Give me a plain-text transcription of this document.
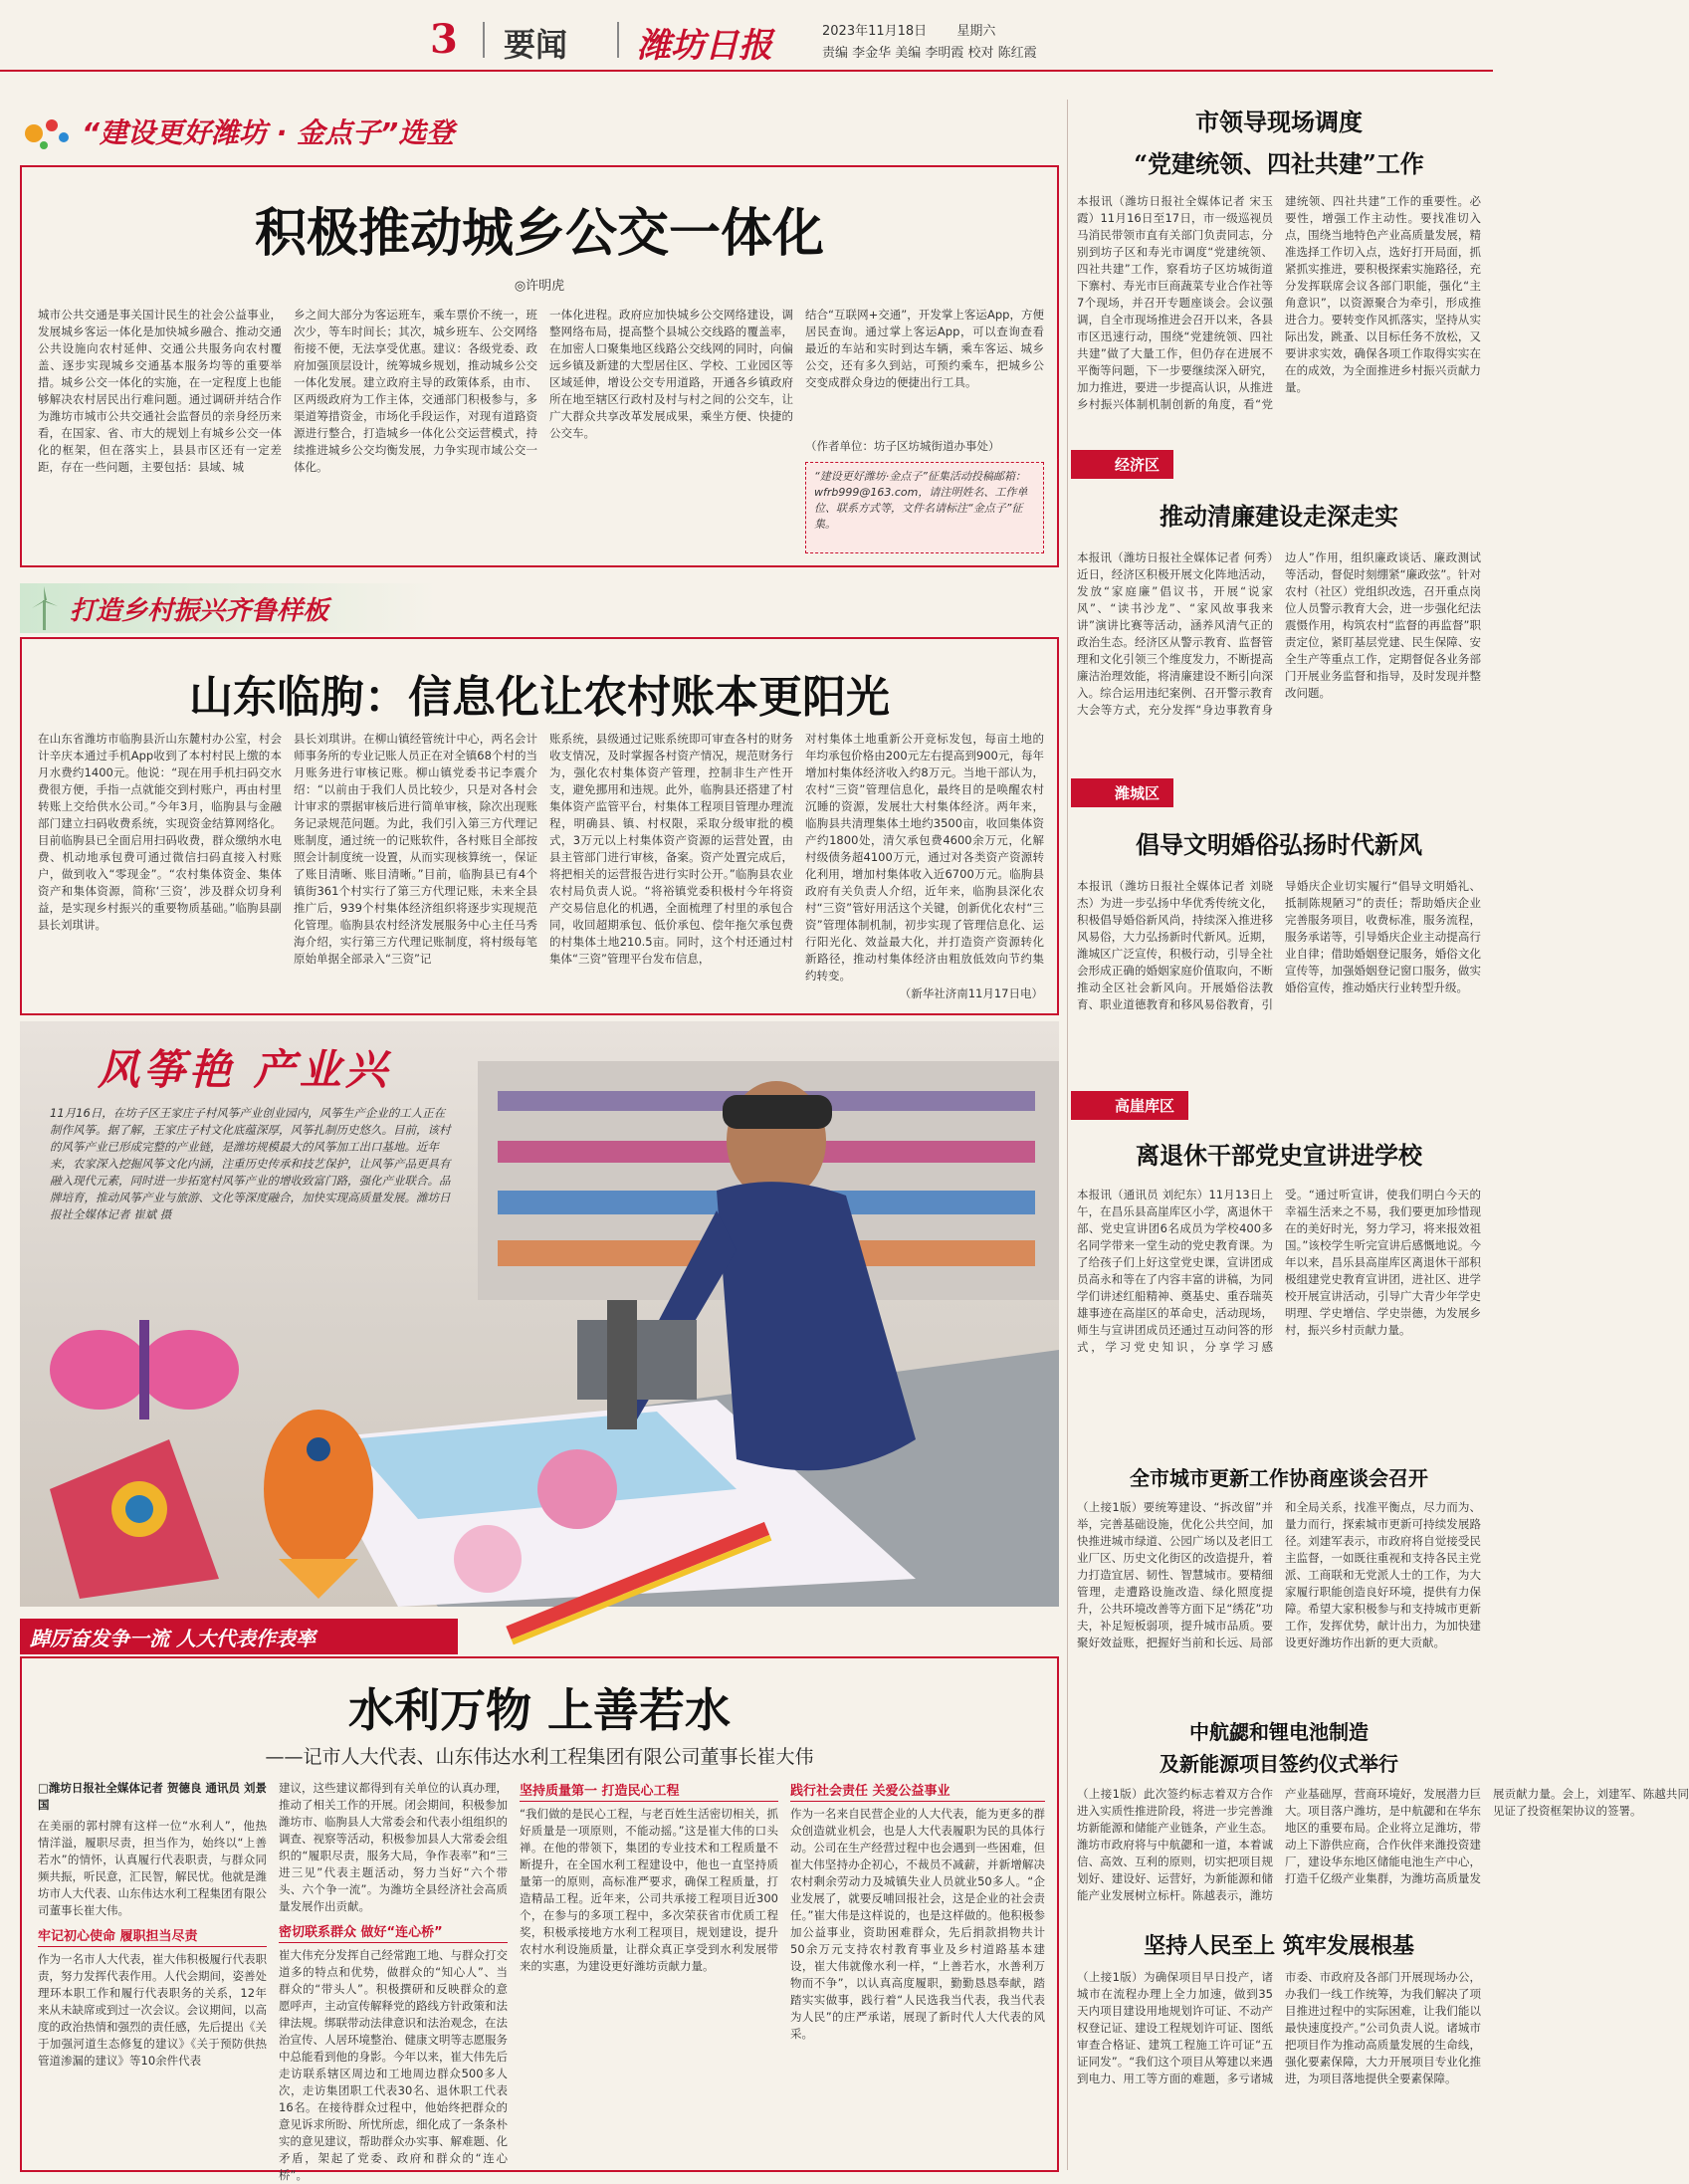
3 要闻 潍坊日报	2023年11月18日 星期六
责编 李金华 美编 李明霞 校对 陈红霞
“建设更好潍坊 · 金点子”选登
积极推动城乡公交一体化
◎许明虎
城市公共交通是事关国计民生的社会公益事业，发展城乡客运一体化是加快城乡融合、推动交通公共设施向农村延伸、交通公共服务向农村覆盖、逐步实现城乡交通基本服务均等的重要举措。城乡公交一体化的实施，在一定程度上也能够解决农村居民出行难问题。通过调研并结合作为潍坊市城市公共交通社会监督员的亲身经历来看，在国家、省、市大的规划上有城乡公交一体化的框架，但在落实上，县县市区还有一定差距，存在一些问题，主要包括：县域、城
乡之间大部分为客运班车，乘车票价不统一，班次少，等车时间长；其次，城乡班车、公交网络衔接不便，无法享受优惠。建议：各级党委、政府加强顶层设计，统筹城乡规划，推动城乡公交一体化发展。建立政府主导的政策体系，由市、区两级政府为工作主体，交通部门积极参与，多渠道筹措资金，市场化手段运作，对现有道路资源进行整合，打造城乡一体化公交运营模式，持续推进城乡公交均衡发展，力争实现市域公交一体化。
一体化进程。政府应加快城乡公交网络建设，调整网络布局，提高整个县城公交线路的覆盖率，在加密人口聚集地区线路公交线网的同时，向偏远乡镇及新建的大型居住区、学校、工业园区等区域延伸，增设公交专用道路，开通各乡镇政府所在地至辖区行政村及村与村之间的公交车，让广大群众共享改革发展成果，乘坐方便、快捷的公交车。
结合“互联网+交通”，开发掌上客运App，方便居民查询。通过掌上客运App，可以查询查看最近的车站和实时到达车辆，乘车客运、城乡公交，还有多久到站，可预约乘车，把城乡公交变成群众身边的便捷出行工具。
（作者单位：坊子区坊城街道办事处）
“建设更好潍坊·金点子”征集活动投稿邮箱：wfrb999@163.com，请注明姓名、工作单位、联系方式等，文件名请标注“金点子”征集。
打造乡村振兴齐鲁样板
山东临朐：信息化让农村账本更阳光
在山东省潍坊市临朐县沂山东麓村办公室，村会计辛庆本通过手机App收到了本村村民上缴的本月水费约1400元。他说：“现在用手机扫码交水费很方便，手指一点就能交到村账户，再由村里转账上交给供水公司。”今年3月，临朐县与金融部门建立扫码收费系统，实现资金结算网络化。目前临朐县已全面启用扫码收费，群众缴纳水电费、机动地承包费可通过微信扫码直接入村账户，做到收入“零现金”。“农村集体资金、集体资产和集体资源，简称‘三资’，涉及群众切身利益，是实现乡村振兴的重要物质基础。”临朐县副县长刘琪讲。
县长刘琪讲。在柳山镇经管统计中心，两名会计师事务所的专业记账人员正在对全镇68个村的当月账务进行审核记账。柳山镇党委书记李震介绍：“以前由于我们人员比较少，只是对各村会计审求的票据审核后进行简单审核，除次出现账务记录规范问题。为此，我们引入第三方代理记账制度，通过统一的记账软件，各村账目全部按照会计制度统一设置，从而实现核算统一，保证了账目清晰、账目清晰。”目前，临朐县已有4个镇街361个村实行了第三方代理记账，未来全县推广后，939个村集体经济组织将逐步实现规范化管理。临朐县农村经济发展服务中心主任马秀海介绍，实行第三方代理记账制度，将村级每笔原始单据全部录入“三资”记
账系统，县级通过记账系统即可审查各村的财务收支情况，及时掌握各村资产情况，规范财务行为，强化农村集体资产管理，控制非生产性开支，避免挪用和违规。此外，临朐县还搭建了村集体资产监管平台，村集体工程项目管理办理流程，明确县、镇、村权限，采取分级审批的模式，3万元以上村集体资产资源的运营处置，由县主管部门进行审核，备案。资产处置完成后，将把相关的运营报告进行实时公开。”临朐县农业农村局负责人说。“将裕镇党委积极村今年将资产交易信息化的机遇，全面梳理了村里的承包合同，收回超期承包、低价承包、偿年拖欠承包费的村集体土地210.5亩。同时，这个村还通过村集体“三资”管理平台发布信息，
对村集体土地重新公开竞标发包，每亩土地的年均承包价格由200元左右提高到900元，每年增加村集体经济收入约8万元。当地干部认为，农村“三资”管理信息化，最终目的是唤醒农村沉睡的资源，发展壮大村集体经济。两年来，临朐县共清理集体土地约3500亩，收回集体资产约1800处，清欠承包费4600余万元，化解村级债务超4100万元，通过对各类资产资源转化利用，增加村集体收入近6700万元。临朐县政府有关负责人介绍，近年来，临朐县深化农村“三资”管好用活这个关键，创新优化农村“三资”管理体制机制，初步实现了管理信息化、运行阳光化、效益最大化，并打造资产资源转化新路径，推动村集体经济由粗放低效向节约集约转变。
（新华社济南11月17日电）
风筝艳 产业兴
11月16日，在坊子区王家庄子村风筝产业创业园内，风筝生产企业的工人正在制作风筝。据了解，王家庄子村文化底蕴深厚，风筝扎制历史悠久。目前，该村的风筝产业已形成完整的产业链，是潍坊规模最大的风筝加工出口基地。近年来，农家深入挖掘风筝文化内涵，注重历史传承和技艺保护，让风筝产品更具有融入现代元素，同时进一步拓宽村风筝产业的增收致富门路，强化产业联合。品牌培育，推动风筝产业与旅游、文化等深度融合，加快实现高质量发展。潍坊日报社全媒体记者 崔斌 摄
踔厉奋发争一流 人大代表作表率
水利万物 上善若水
——记市人大代表、山东伟达水利工程集团有限公司董事长崔大伟
□潍坊日报社全媒体记者 贺德良 通讯员 刘景国
在美丽的郭村牌有这样一位“水利人”，他热情洋溢，履职尽责，担当作为，始终以“上善若水”的情怀，认真履行代表职责，与群众同频共振，听民意，汇民智，解民忧。他就是潍坊市人大代表、山东伟达水利工程集团有限公司董事长崔大伟。
牢记初心使命 履职担当尽责
作为一名市人大代表，崔大伟积极履行代表职责，努力发挥代表作用。人代会期间，姿善处理环本职工作和履行代表职务的关系，12年来从未缺席或到过一次会议。会议期间，以高度的政治热情和强烈的责任感，先后提出《关于加强河道生态修复的建议》《关于预防供热管道渗漏的建议》等10余件代表
建议，这些建议都得到有关单位的认真办理，推动了相关工作的开展。闭会期间，积极参加潍坊市、临朐县人大常委会和代表小组组织的调查、视察等活动，积极参加县人大常委会组织的“履职尽责，服务大局，争作表率”和“三进三见”代表主题活动，努力当好“六个带头、六个争一流”。为潍坊全县经济社会高质量发展作出贡献。
密切联系群众 做好“连心桥”
崔大伟充分发挥自己经常跑工地、与群众打交道多的特点和优势，做群众的“知心人”、当群众的“带头人”。积极撰研和反映群众的意愿呼声，主动宣传解释党的路线方针政策和法律法规。绑联带动法律意识和法治观念，在法治宣传、人居环境整治、健康文明等志愿服务中总能看到他的身影。今年以来，崔大伟先后走访联系辖区周边和工地周边群众500多人次，走访集团职工代表30名、退休职工代表16名。在接待群众过程中，他始终把群众的意见诉求所盼、所忧所虑，细化成了一条条朴实的意见建议，帮助群众办实事、解难题、化矛盾，架起了党委、政府和群众的“连心桥”。
坚持质量第一 打造民心工程
“我们做的是民心工程，与老百姓生活密切相关，抓好质量是一项原则，不能动摇。”这是崔大伟的口头禅。在他的带领下，集团的专业技术和工程质量不断提升，在全国水利工程建设中，他也一直坚持质量第一的原则，高标准严要求，确保工程质量，打造精品工程。近年来，公司共承接工程项目近300个，在参与的多项工程中，多次荣获省市优质工程奖，积极承接地方水利工程项目，规划建设，提升农村水利设施质量，让群众真正享受到水利发展带来的实惠，为建设更好潍坊贡献力量。
践行社会责任 关爱公益事业
作为一名来自民营企业的人大代表，能为更多的群众创造就业机会，也是人大代表履职为民的具体行动。公司在生产经营过程中也会遇到一些困难，但崔大伟坚持办企初心，不裁员不减薪，并新增解决农村剩余劳动力及城镇失业人员就业50多人。“企业发展了，就要反哺回报社会，这是企业的社会责任。”崔大伟是这样说的，也是这样做的。他积极参加公益事业，资助困难群众，先后捐款捐物共计50余万元支持农村教育事业及乡村道路基本建设，崔大伟就像水利一样，“上善若水，水善利万物而不争”，以认真高度履职，勤勤恳恳奉献，踏踏实实做事，践行着“人民选我当代表，我当代表为人民”的庄严承诺，展现了新时代人大代表的风采。
市领导现场调度
“党建统领、四社共建”工作
本报讯（潍坊日报社全媒体记者 宋玉霞）11月16日至17日，市一级巡视员马消民带领市直有关部门负责同志，分别到坊子区和寿光市调度“党建统领、四社共建”工作，察看坊子区坊城街道下寨村、寿光市巨商蔬菜专业合作社等7个现场，并召开专题座谈会。会议强调，自全市现场推进会召开以来，各县市区迅速行动，围绕“党建统领、四社共建”做了大量工作，但仍存在进展不平衡等问题，下一步要继续深入研究，加力推进，要进一步提高认识，从推进乡村振兴体制机制创新的角度，看“党建统领、四社共建”工作的重要性。必要性，增强工作主动性。要找准切入点，围绕当地特色产业高质量发展，精准选择工作切入点，选好打开局面，抓紧抓实推进，要积极探索实施路径，充分发挥联席会议各部门职能，强化“主角意识”，以资源聚合为牵引，形成推进合力。要转变作风抓落实，坚持从实际出发，跳蚤、以目标任务不放松，又要讲求实效，确保各项工作取得实实在在的成效，为全面推进乡村振兴贡献力量。
经济区
推动清廉建设走深走实
本报讯（潍坊日报社全媒体记者 何秀）近日，经济区积极开展文化阵地活动，发放“家庭廉”倡议书，开展“说家风”、“读书沙龙”、“家风故事我来讲”演讲比赛等活动，涵养风清气正的政治生态。经济区从警示教育、监督管理和文化引领三个维度发力，不断提高廉洁治理效能，将清廉建设不断引向深入。综合运用违纪案例、召开警示教育大会等方式，充分发挥“身边事教育身边人”作用，组织廉政谈话、廉政测试等活动，督促时刻绷紧“廉政弦”。针对农村（社区）党组织改选，召开重点岗位人员警示教育大会，进一步强化纪法震慑作用，构筑农村“监督的再监督”职责定位，紧盯基层党建、民生保障、安全生产等重点工作，定期督促各业务部门开展业务监督和指导，及时发现并整改问题。
潍城区
倡导文明婚俗弘扬时代新风
本报讯（潍坊日报社全媒体记者 刘晓杰）为进一步弘扬中华优秀传统文化，积极倡导婚俗新风尚，持续深入推进移风易俗，大力弘扬新时代新风。近期，潍城区广泛宣传，积极行动，引导全社会形成正确的婚姻家庭价值取向，不断推动全区社会新风向。开展婚俗法教育、职业道德教育和移风易俗教育，引导婚庆企业切实履行“倡导文明婚礼、抵制陈规陋习”的责任；帮助婚庆企业完善服务项目，收费标准，服务流程，服务承诺等，引导婚庆企业主动提高行业自律；借助婚姻登记服务，婚俗文化宣传等，加强婚姻登记窗口服务，做实婚俗宣传，推动婚庆行业转型升级。
高崖库区
离退休干部党史宣讲进学校
本报讯（通讯员 刘纪东）11月13日上午，在昌乐县高崖库区小学，离退休干部、党史宣讲团6名成员为学校400多名同学带来一堂生动的党史教育课。为了给孩子们上好这堂党史课，宣讲团成员高永和等在了内容丰富的讲稿，为同学们讲述红船精神、奠基史、重吞瑞英雄事迹在高崖区的革命史，活动现场，师生与宣讲团成员还通过互动问答的形式，学习党史知识，分享学习感受。“通过听宣讲，使我们明白今天的幸福生活来之不易，我们要更加珍惜现在的美好时光，努力学习，将来报效祖国。”该校学生听完宣讲后感慨地说。今年以来，昌乐县高崖库区离退休干部积极组建党史教育宣讲团，进社区、进学校开展宣讲活动，引导广大青少年学史明理、学史增信、学史崇德，为发展乡村，振兴乡村贡献力量。
全市城市更新工作协商座谈会召开
（上接1版）要统筹建设、“拆改留”并举，完善基础设施，优化公共空间，加快推进城市绿道、公园广场以及老旧工业厂区、历史文化街区的改造提升，着力打造宜居、韧性、智慧城市。要精细管理，走遭路设施改造、绿化照度提升，公共环境改善等方面下足“绣花”功夫，补足短板弱项，提升城市品质。要聚好效益账，把握好当前和长远、局部和全局关系，找准平衡点，尽力而为、量力而行，探索城市更新可持续发展路径。刘建军表示，市政府将自觉接受民主监督，一如既往重视和支持各民主党派、工商联和无党派人士的工作，为大家履行职能创造良好环境，提供有力保障。希望大家积极参与和支持城市更新工作，发挥优势，献计出力，为加快建设更好潍坊作出新的更大贡献。
中航勰和锂电池制造
及新能源项目签约仪式举行
（上接1版）此次签约标志着双方合作进入实质性推进阶段，将进一步完善潍坊新能源和储能产业链条，产业生态。潍坊市政府将与中航勰和一道，本着诚信、高效、互利的原则，切实把项目规划好、建设好、运营好，为新能源和储能产业发展树立标杆。陈越表示，潍坊产业基础厚，营商环境好，发展潜力巨大。项目落户潍坊，是中航勰和在华东地区的重要布局。企业将立足潍坊，带动上下游供应商，合作伙伴来潍投资建厂，建设华东地区储能电池生产中心，打造千亿级产业集群，为潍坊高质量发展贡献力量。会上，刘建军、陈越共同见证了投资框架协议的签署。
坚持人民至上 筑牢发展根基
（上接1版）为确保项目早日投产，诸城市在流程办理上全力加速，做到35天内项目建设用地规划许可证、不动产权登记证、建设工程规划许可证、图纸审查合格证、建筑工程施工许可证“五证同发”。“我们这个项目从筹建以来遇到电力、用工等方面的难题，多亏诸城市委、市政府及各部门开展现场办公，办我们一线工作统筹，为我们解决了项目推进过程中的实际困难，让我们能以最快速度投产。”公司负责人说。诸城市把项目作为推动高质量发展的生命线，强化要素保障，大力开展项目专业化推进，为项目落地提供全要素保障。
